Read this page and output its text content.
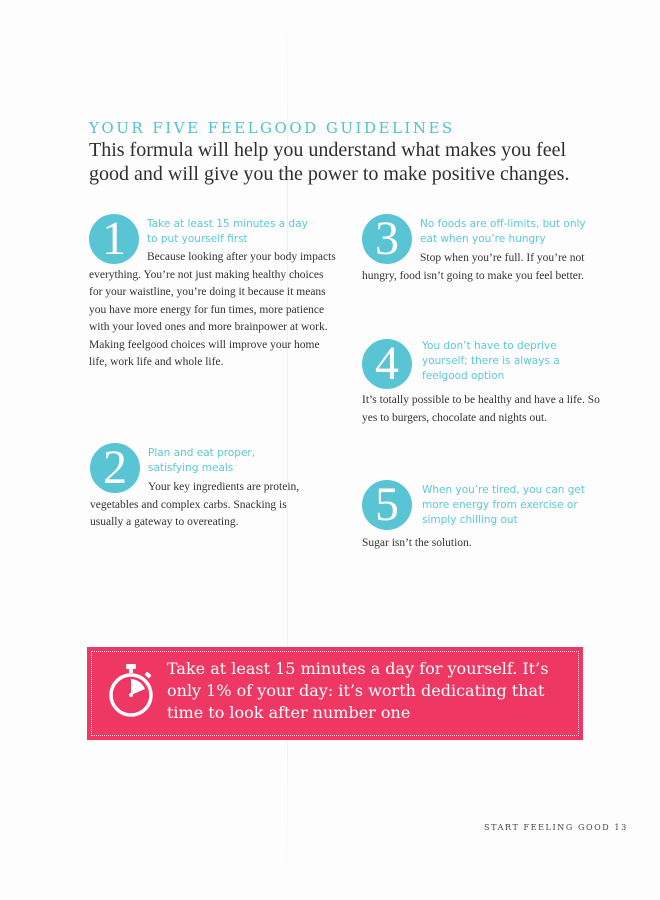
YOUR FIVE FEELGOOD GUIDELINES
This formula will help you understand what makes you feel good and will give you the power to make positive changes.
1	Take at least 15 minutes a day to put yourself first
Because looking after your body impacts everything. You’re not just making healthy choices for your waistline, you’re doing it because it means you have more energy for fun times, more patience with your loved ones and more brainpower at work. Making feelgood choices will improve your home life, work life and whole life.
2	Plan and eat proper, satisfying meals
Your key ingredients are protein, vegetables and complex carbs. Snacking is usually a gateway to overeating.
3	No foods are off-limits, but only eat when you’re hungry
Stop when you’re full. If you’re not hungry, food isn’t going to make you feel better.
4	You don’t have to deprive yourself; there is always a feelgood option
It’s totally possible to be healthy and have a life. So yes to burgers, chocolate and nights out.
5	When you’re tired, you can get more energy from exercise or simply chilling out
Sugar isn’t the solution.
Take at least 15 minutes a day for yourself. It’s only 1% of your day: it’s worth dedicating that time to look after number one
START FEELING GOOD 13
